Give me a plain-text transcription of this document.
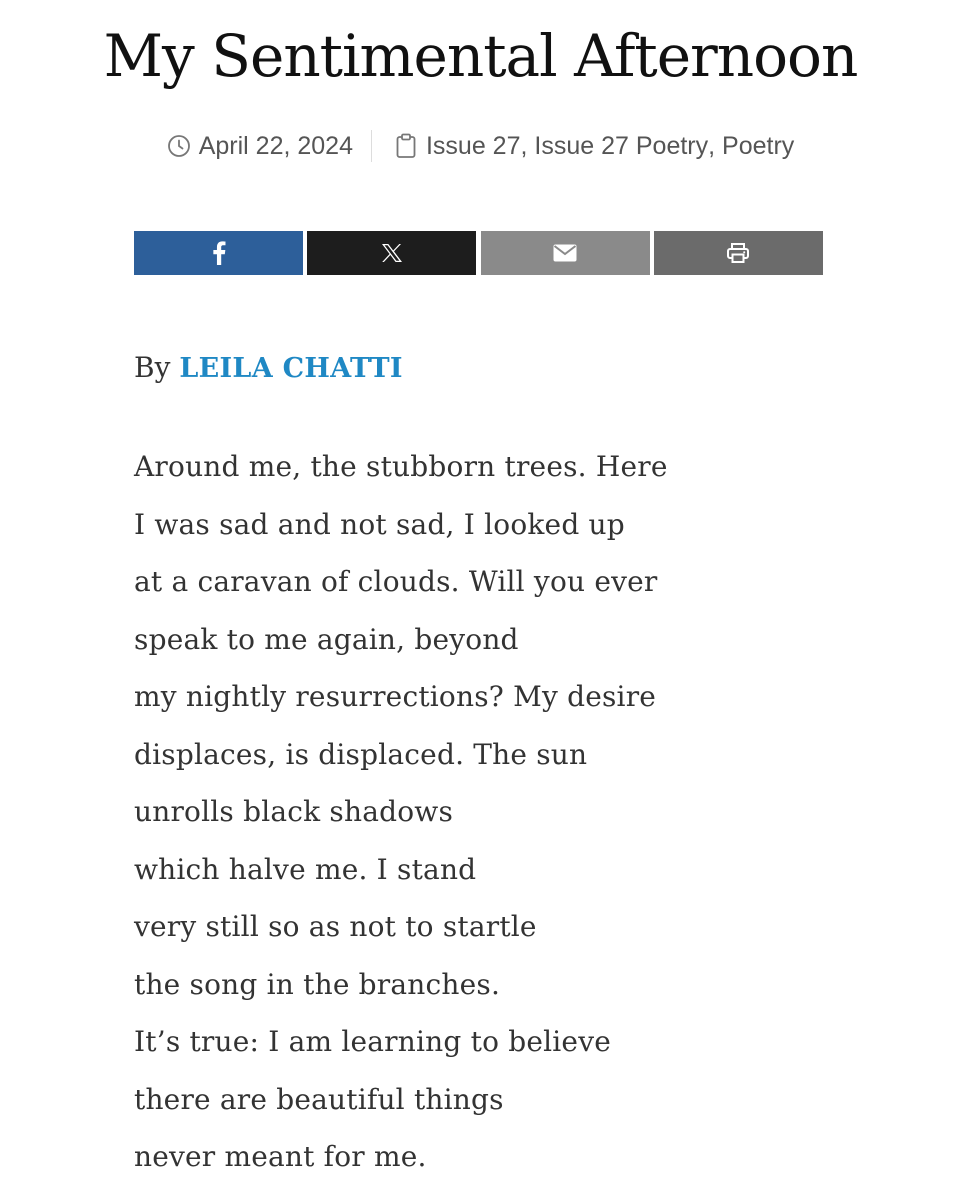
My Sentimental Afternoon
April 22, 2024	Issue 27 , Issue 27 Poetry , Poetry
By LEILA CHATTI
Around me, the stubborn trees. Here
I was sad and not sad, I looked up
at a caravan of clouds. Will you ever
speak to me again, beyond
my nightly resurrections? My desire
displaces, is displaced. The sun
unrolls black shadows
which halve me. I stand
very still so as not to startle
the song in the branches.
It’s true: I am learning to believe
there are beautiful things
never meant for me.
